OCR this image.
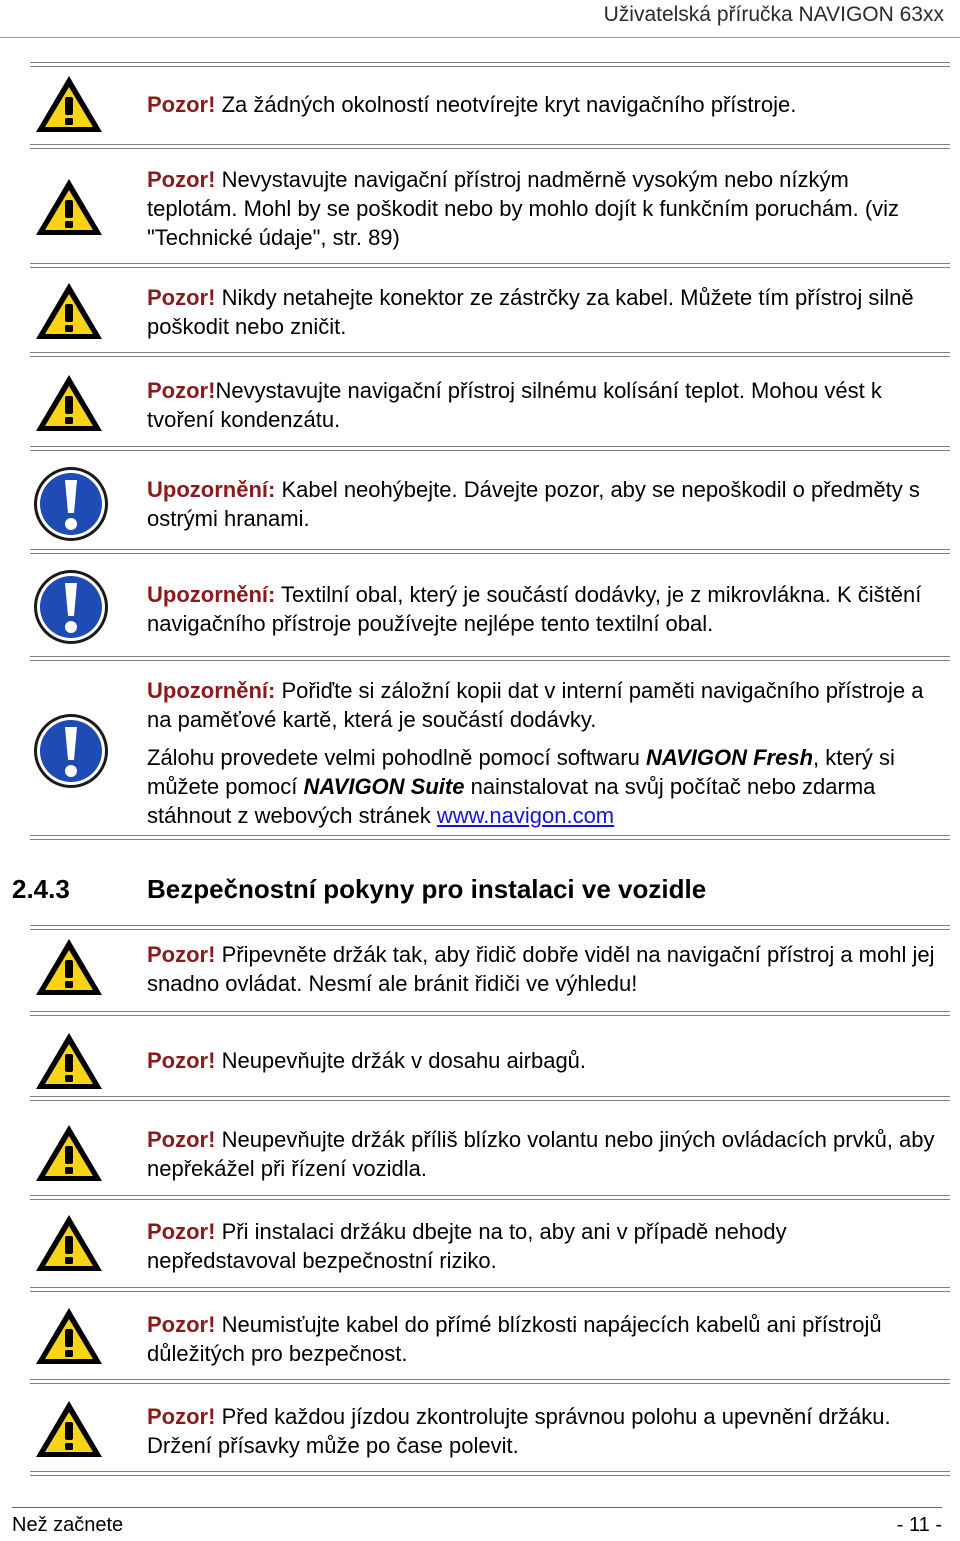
Uživatelská příručka NAVIGON 63xx

Pozor! Za žádných okolností neotvírejte kryt navigačního přístroje.

Pozor! Nevystavujte navigační přístroj nadměrně vysokým nebo nízkým teplotám. Mohl by se poškodit nebo by mohlo dojít k funkčním poruchám. (viz "Technické údaje", str. 89)

Pozor! Nikdy netahejte konektor ze zástrčky za kabel. Můžete tím přístroj silně poškodit nebo zničit.

Pozor!Nevystavujte navigační přístroj silnému kolísání teplot. Mohou vést k tvoření kondenzátu.

Upozornění: Kabel neohýbejte. Dávejte pozor, aby se nepoškodil o předměty s ostrými hranami.

Upozornění: Textilní obal, který je součástí dodávky, je z mikrovlákna. K čištění navigačního přístroje používejte nejlépe tento textilní obal.

Upozornění: Pořiďte si záložní kopii dat v interní paměti navigačního přístroje a na paměťové kartě, která je součástí dodávky.

Zálohu provedete velmi pohodlně pomocí softwaru NAVIGON Fresh, který si můžete pomocí NAVIGON Suite nainstalovat na svůj počítač nebo zdarma stáhnout z webových stránek www.navigon.com

2.4.3	Bezpečnostní pokyny pro instalaci ve vozidle

Pozor! Připevněte držák tak, aby řidič dobře viděl na navigační přístroj a mohl jej snadno ovládat. Nesmí ale bránit řidiči ve výhledu!

Pozor! Neupevňujte držák v dosahu airbagů.

Pozor! Neupevňujte držák příliš blízko volantu nebo jiných ovládacích prvků, aby nepřekážel při řízení vozidla.

Pozor! Při instalaci držáku dbejte na to, aby ani v případě nehody nepředstavoval bezpečnostní riziko.

Pozor! Neumisťujte kabel do přímé blízkosti napájecích kabelů ani přístrojů důležitých pro bezpečnost.

Pozor! Před každou jízdou zkontrolujte správnou polohu a upevnění držáku. Držení přísavky může po čase polevit.

Než začnete	- 11 -
